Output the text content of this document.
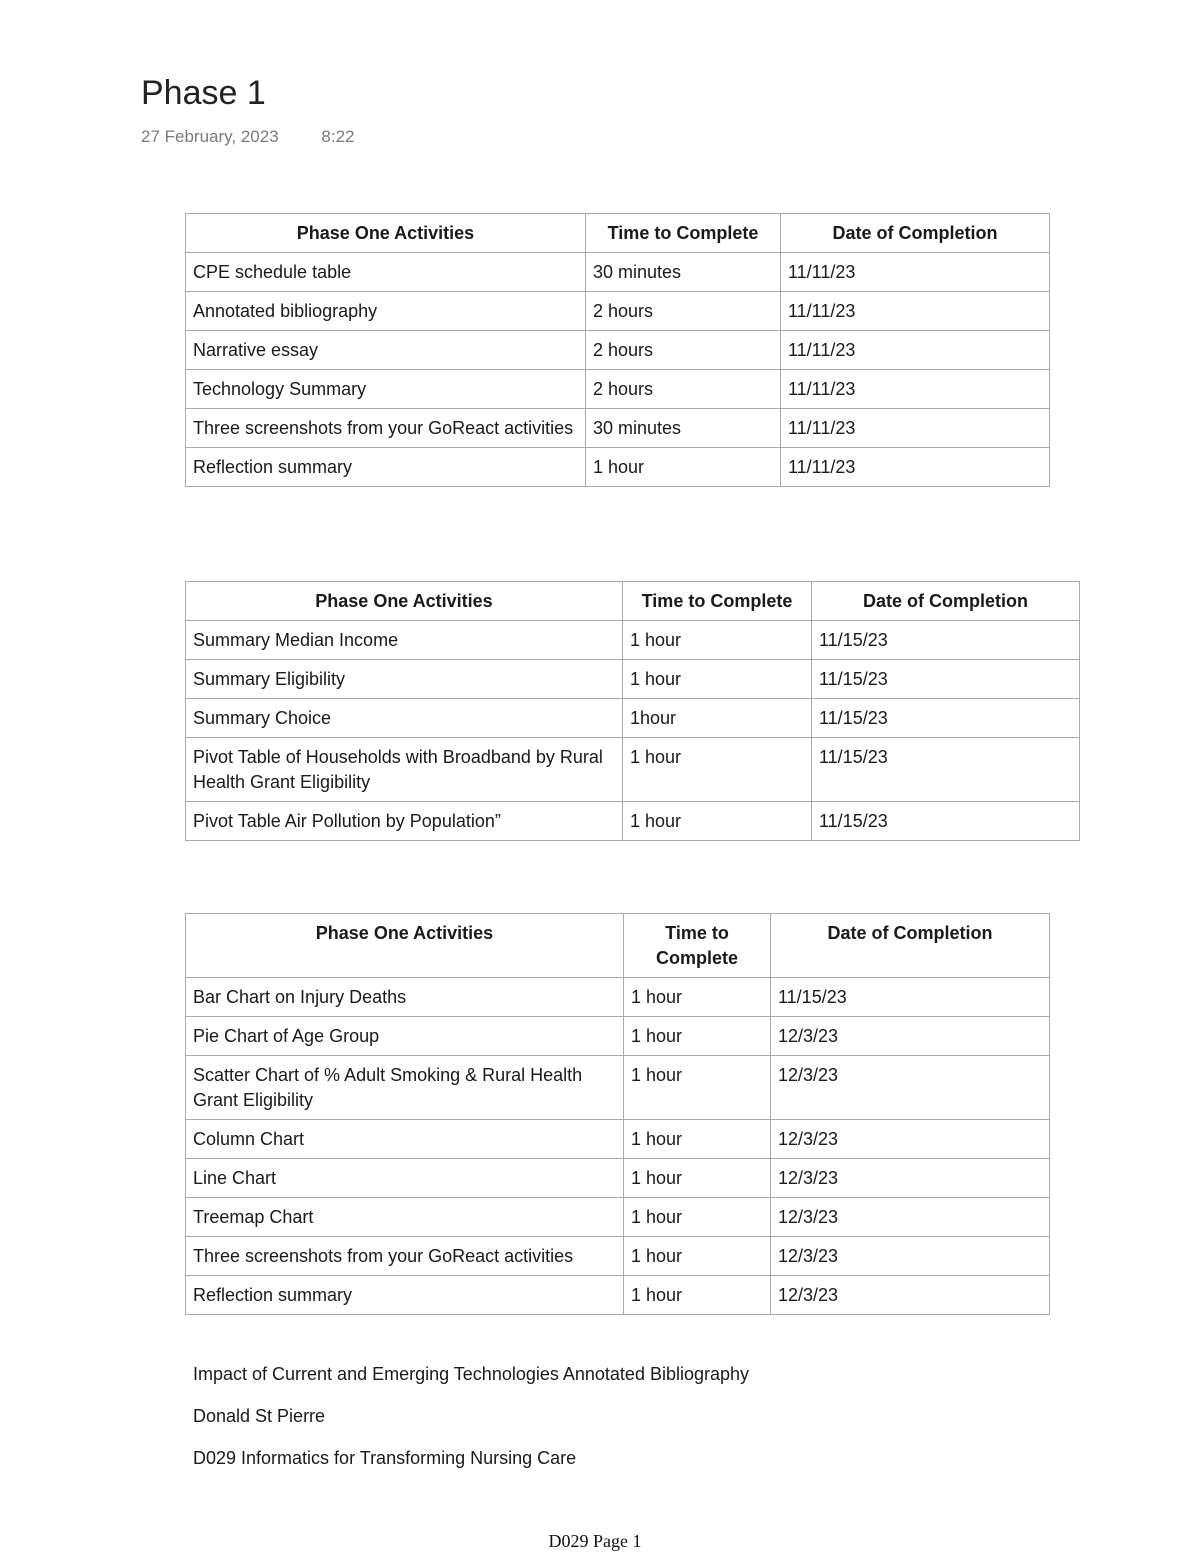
Phase 1
27 February, 2023	8:22
Phase One Activities	Time to Complete	Date of Completion
CPE schedule table	30 minutes	11/11/23
Annotated bibliography	2 hours	11/11/23
Narrative essay	2 hours	11/11/23
Technology Summary	2 hours	11/11/23
Three screenshots from your GoReact activities	30 minutes	11/11/23
Reflection summary	1 hour	11/11/23
Phase One Activities	Time to Complete	Date of Completion
Summary Median Income	1 hour	11/15/23
Summary Eligibility	1 hour	11/15/23
Summary Choice	1hour	11/15/23
Pivot Table of Households with Broadband by Rural Health Grant Eligibility	1 hour	11/15/23
Pivot Table Air Pollution by Population”	1 hour	11/15/23
Phase One Activities	Time to Complete	Date of Completion
Bar Chart on Injury Deaths	1 hour	11/15/23
Pie Chart of Age Group	1 hour	12/3/23
Scatter Chart of % Adult Smoking & Rural Health Grant Eligibility	1 hour	12/3/23
Column Chart	1 hour	12/3/23
Line Chart	1 hour	12/3/23
Treemap Chart	1 hour	12/3/23
Three screenshots from your GoReact activities	1 hour	12/3/23
Reflection summary	1 hour	12/3/23
Impact of Current and Emerging Technologies Annotated Bibliography
Donald St Pierre
D029 Informatics for Transforming Nursing Care
D029 Page 1
